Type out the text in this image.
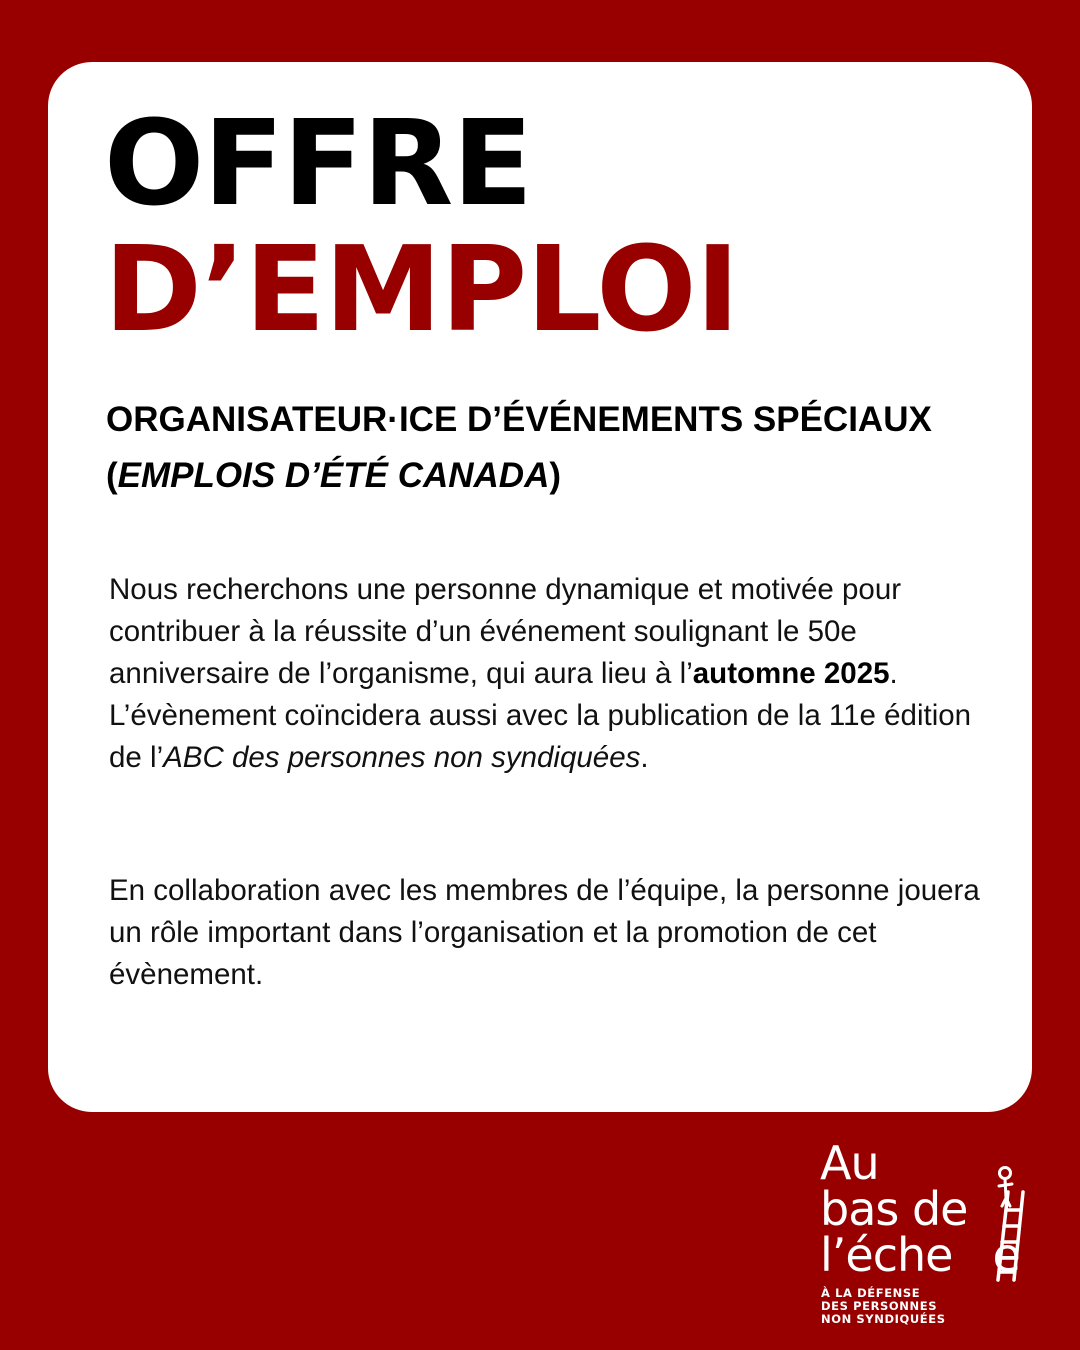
OFFRE
D’EMPLOI
ORGANISATEUR·ICE D’ÉVÉNEMENTS SPÉCIAUX (EMPLOIS D’ÉTÉ CANADA)

Nous recherchons une personne dynamique et motivée pour contribuer à la réussite d’un événement soulignant le 50e anniversaire de l’organisme, qui aura lieu à l’automne 2025. L’évènement coïncidera aussi avec la publication de la 11e édition de l’ABC des personnes non syndiquées.

En collaboration avec les membres de l’équipe, la personne jouera un rôle important dans l’organisation et la promotion de cet évènement.

Au

bas de

l’éche e

À LA DÉFENSE

DES PERSONNES

NON SYNDIQUÉES
